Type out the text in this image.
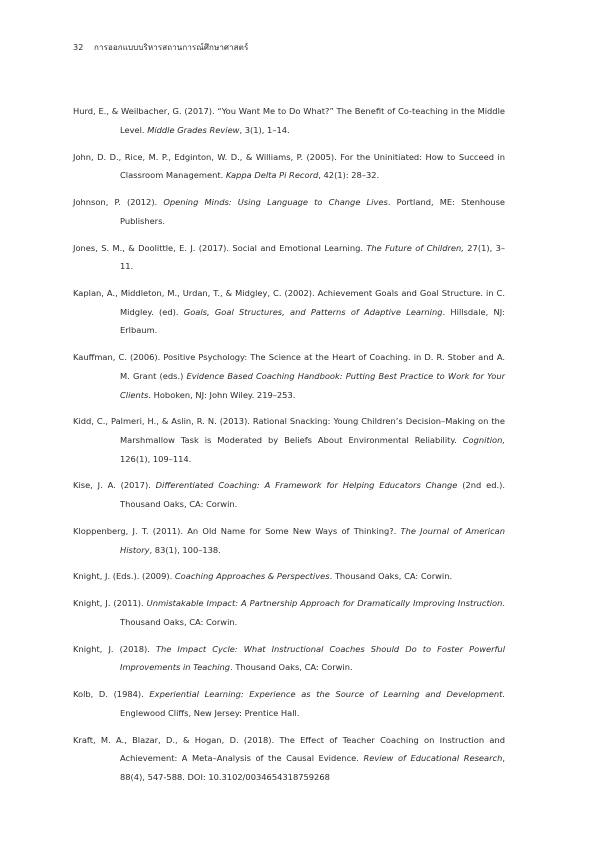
32 การออกแบบบริหารสถานการณ์ศึกษาศาสตร์

Hurd, E., & Weilbacher, G. (2017). “You Want Me to Do What?” The Benefit of Co-teaching in the Middle Level. Middle Grades Review, 3(1), 1–14.

John, D. D., Rice, M. P., Edginton, W. D., & Williams, P. (2005). For the Uninitiated: How to Succeed in Classroom Management. Kappa Delta Pi Record, 42(1): 28–32.

Johnson, P. (2012). Opening Minds: Using Language to Change Lives. Portland, ME: Stenhouse Publishers.

Jones, S. M., & Doolittle, E. J. (2017). Social and Emotional Learning. The Future of Children, 27(1), 3–11.

Kaplan, A., Middleton, M., Urdan, T., & Midgley, C. (2002). Achievement Goals and Goal Structure. in C. Midgley. (ed). Goals, Goal Structures, and Patterns of Adaptive Learning. Hillsdale, NJ: Erlbaum.

Kauffman, C. (2006). Positive Psychology: The Science at the Heart of Coaching. in D. R. Stober and A. M. Grant (eds.) Evidence Based Coaching Handbook: Putting Best Practice to Work for Your Clients. Hoboken, NJ: John Wiley. 219–253.

Kidd, C., Palmeri, H., & Aslin, R. N. (2013). Rational Snacking: Young Children’s Decision–Making on the Marshmallow Task is Moderated by Beliefs About Environmental Reliability. Cognition, 126(1), 109–114.

Kise, J. A. (2017). Differentiated Coaching: A Framework for Helping Educators Change (2nd ed.). Thousand Oaks, CA: Corwin.

Kloppenberg, J. T. (2011). An Old Name for Some New Ways of Thinking?. The Journal of American History, 83(1), 100–138.

Knight, J. (Eds.). (2009). Coaching Approaches & Perspectives. Thousand Oaks, CA: Corwin.

Knight, J. (2011). Unmistakable Impact: A Partnership Approach for Dramatically Improving Instruction. Thousand Oaks, CA: Corwin.

Knight, J. (2018). The Impact Cycle: What Instructional Coaches Should Do to Foster Powerful Improvements in Teaching. Thousand Oaks, CA: Corwin.

Kolb, D. (1984). Experiential Learning: Experience as the Source of Learning and Development. Englewood Cliffs, New Jersey: Prentice Hall.

Kraft, M. A., Blazar, D., & Hogan, D. (2018). The Effect of Teacher Coaching on Instruction and Achievement: A Meta–Analysis of the Causal Evidence. Review of Educational Research, 88(4), 547-588. DOI: 10.3102/0034654318759268
